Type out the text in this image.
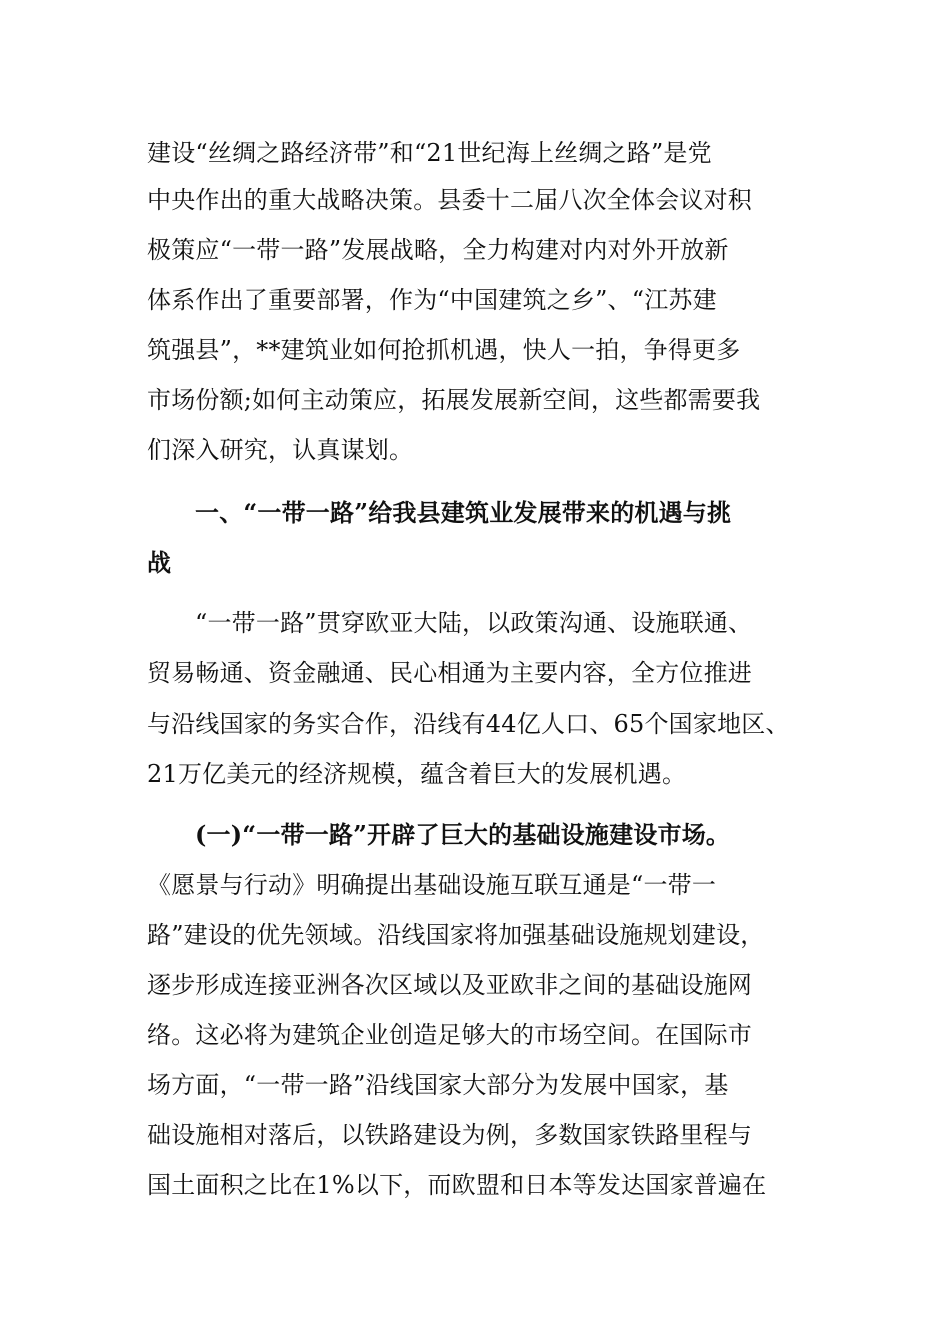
建设“丝绸之路经济带”和“21世纪海上丝绸之路”是党
中央作出的重大战略决策。县委十二届八次全体会议对积
极策应“一带一路”发展战略，全力构建对内对外开放新
体系作出了重要部署，作为“中国建筑之乡”、“江苏建
筑强县”，**建筑业如何抢抓机遇，快人一拍，争得更多
市场份额;如何主动策应，拓展发展新空间，这些都需要我
们深入研究，认真谋划。
一、“一带一路”给我县建筑业发展带来的机遇与挑
战
“一带一路”贯穿欧亚大陆，以政策沟通、设施联通、
贸易畅通、资金融通、民心相通为主要内容，全方位推进
与沿线国家的务实合作，沿线有44亿人口、65个国家地区、
21万亿美元的经济规模，蕴含着巨大的发展机遇。
(一)“一带一路”开辟了巨大的基础设施建设市场。
《愿景与行动》明确提出基础设施互联互通是“一带一
路”建设的优先领域。沿线国家将加强基础设施规划建设，
逐步形成连接亚洲各次区域以及亚欧非之间的基础设施网
络。这必将为建筑企业创造足够大的市场空间。在国际市
场方面，“一带一路”沿线国家大部分为发展中国家，基
础设施相对落后，以铁路建设为例，多数国家铁路里程与
国土面积之比在1%以下，而欧盟和日本等发达国家普遍在
